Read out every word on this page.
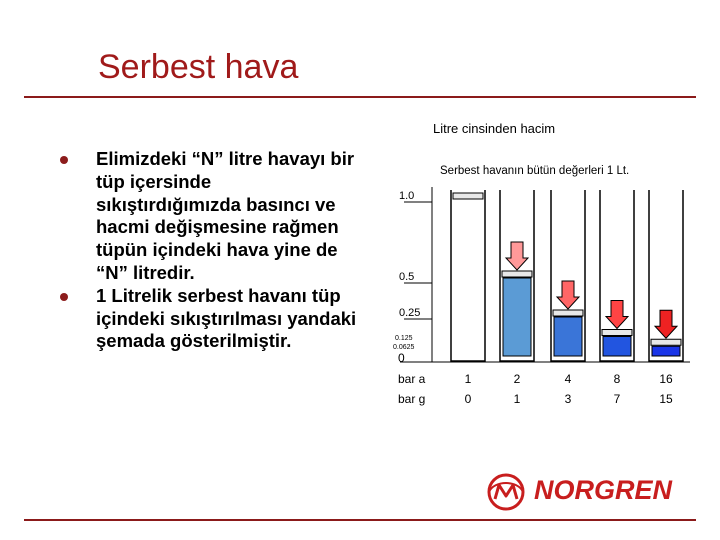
Serbest hava
Elimizdeki “N” litre havayı bir tüp içersinde sıkıştırdığımızda basıncı ve hacmi değişmesine rağmen tüpün içindeki hava yine de “N” litredir.
1 Litrelik serbest havanı tüp içindeki sıkıştırılması yandaki şemada gösterilmiştir.
Litre cinsinden hacim
Serbest havanın bütün değerleri 1 Lt.
1.0
0.5
0.25
0.125
0.0625
0
bar a
bar g
1
0
2
1
4
3
8
7
16
15
NORGREN
